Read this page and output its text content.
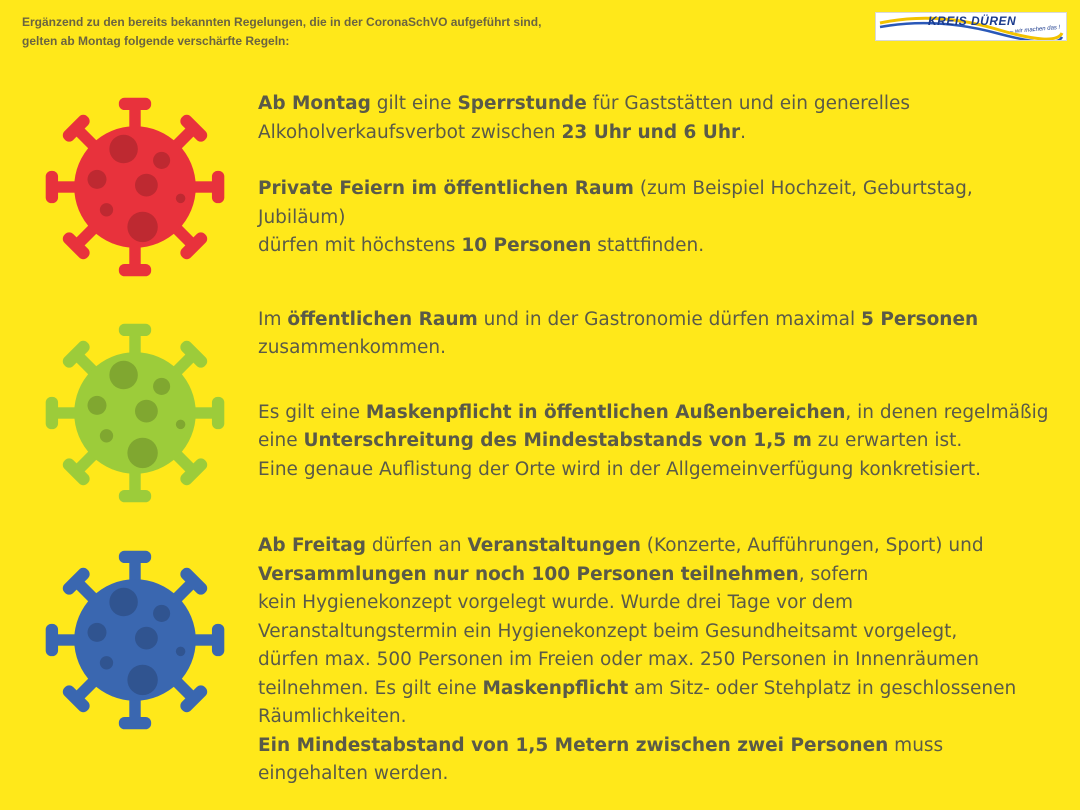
Ergänzend zu den bereits bekannten Regelungen, die in der CoronaSchVO aufgeführt sind,
gelten ab Montag folgende verschärfte Regeln:
KREIS DÜREN
– wir machen das !

Ab Montag gilt eine Sperrstunde für Gaststätten und ein generelles
Alkoholverkaufsverbot zwischen 23 Uhr und 6 Uhr.

Private Feiern im öffentlichen Raum (zum Beispiel Hochzeit, Geburtstag, Jubiläum)
dürfen mit höchstens 10 Personen stattfinden.

Im öffentlichen Raum und in der Gastronomie dürfen maximal 5 Personen
zusammenkommen.

Es gilt eine Maskenpflicht in öffentlichen Außenbereichen, in denen regelmäßig
eine Unterschreitung des Mindestabstands von 1,5 m zu erwarten ist.
Eine genaue Auflistung der Orte wird in der Allgemeinverfügung konkretisiert.

Ab Freitag dürfen an Veranstaltungen (Konzerte, Aufführungen, Sport) und
Versammlungen nur noch 100 Personen teilnehmen, sofern
kein Hygienekonzept vorgelegt wurde. Wurde drei Tage vor dem
Veranstaltungstermin ein Hygienekonzept beim Gesundheitsamt vorgelegt,
dürfen max. 500 Personen im Freien oder max. 250 Personen in Innenräumen
teilnehmen. Es gilt eine Maskenpflicht am Sitz- oder Stehplatz in geschlossenen
Räumlichkeiten.
Ein Mindestabstand von 1,5 Metern zwischen zwei Personen muss
eingehalten werden.
